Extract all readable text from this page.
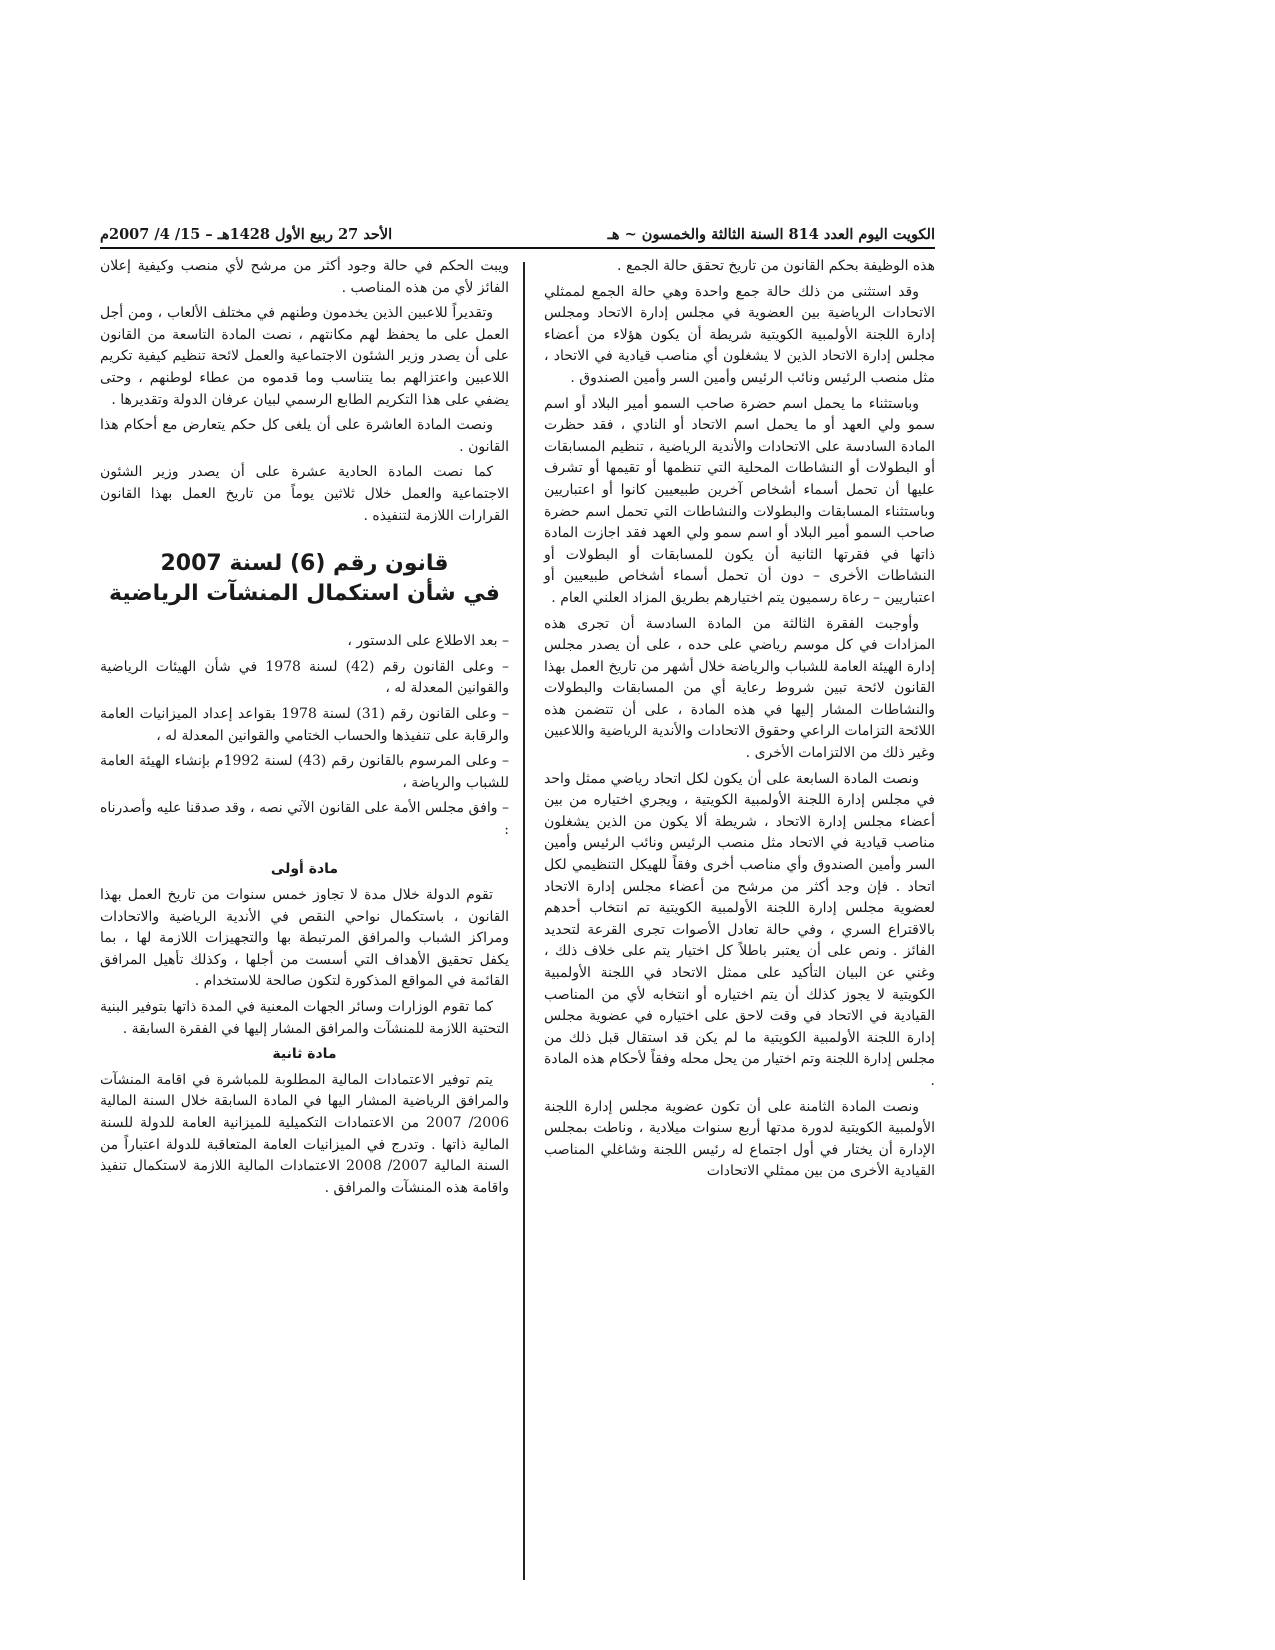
الكويت اليوم العدد 814 السنة الثالثة والخمسون ~ هـ
الأحد 27 ربيع الأول 1428هـ – 15/ 4/ 2007م

هذه الوظيفة بحكم القانون من تاريخ تحقق حالة الجمع .

وقد استثنى من ذلك حالة جمع واحدة وهي حالة الجمع لممثلي الاتحادات الرياضية بين العضوية في مجلس إدارة الاتحاد ومجلس إدارة اللجنة الأولمبية الكويتية شريطة أن يكون هؤلاء من أعضاء مجلس إدارة الاتحاد الذين لا يشغلون أي مناصب قيادية في الاتحاد ، مثل منصب الرئيس ونائب الرئيس وأمين السر وأمين الصندوق .

وباستثناء ما يحمل اسم حضرة صاحب السمو أمير البلاد أو اسم سمو ولي العهد أو ما يحمل اسم الاتحاد أو النادي ، فقد حظرت المادة السادسة على الاتحادات والأندية الرياضية ، تنظيم المسابقات أو البطولات أو النشاطات المحلية التي تنظمها أو تقيمها أو تشرف عليها أن تحمل أسماء أشخاص آخرين طبيعيين كانوا أو اعتباريين وباستثناء المسابقات والبطولات والنشاطات التي تحمل اسم حضرة صاحب السمو أمير البلاد أو اسم سمو ولي العهد فقد اجازت المادة ذاتها في فقرتها الثانية أن يكون للمسابقات أو البطولات أو النشاطات الأخرى – دون أن تحمل أسماء أشخاص طبيعيين أو اعتباريين – رعاة رسميون يتم اختيارهم بطريق المزاد العلني العام .

وأوجبت الفقرة الثالثة من المادة السادسة أن تجرى هذه المزادات في كل موسم رياضي على حده ، على أن يصدر مجلس إدارة الهيئة العامة للشباب والرياضة خلال أشهر من تاريخ العمل بهذا القانون لائحة تبين شروط رعاية أي من المسابقات والبطولات والنشاطات المشار إليها في هذه المادة ، على أن تتضمن هذه اللائحة التزامات الراعي وحقوق الاتحادات والأندية الرياضية واللاعبين وغير ذلك من الالتزامات الأخرى .

ونصت المادة السابعة على أن يكون لكل اتحاد رياضي ممثل واحد في مجلس إدارة اللجنة الأولمبية الكويتية ، ويجري اختياره من بين أعضاء مجلس إدارة الاتحاد ، شريطة ألا يكون من الذين يشغلون مناصب قيادية في الاتحاد مثل منصب الرئيس ونائب الرئيس وأمين السر وأمين الصندوق وأي مناصب أخرى وفقاً للهيكل التنظيمي لكل اتحاد . فإن وجد أكثر من مرشح من أعضاء مجلس إدارة الاتحاد لعضوية مجلس إدارة اللجنة الأولمبية الكويتية تم انتخاب أحدهم بالاقتراع السري ، وفي حالة تعادل الأصوات تجرى القرعة لتحديد الفائز . ونص على أن يعتبر باطلاً كل اختيار يتم على خلاف ذلك ، وغني عن البيان التأكيد على ممثل الاتحاد في اللجنة الأولمبية الكويتية لا يجوز كذلك أن يتم اختياره أو انتخابه لأي من المناصب القيادية في الاتحاد في وقت لاحق على اختياره في عضوية مجلس إدارة اللجنة الأولمبية الكويتية ما لم يكن قد استقال قبل ذلك من مجلس إدارة اللجنة وتم اختيار من يحل محله وفقاً لأحكام هذه المادة .

ونصت المادة الثامنة على أن تكون عضوية مجلس إدارة اللجنة الأولمبية الكويتية لدورة مدتها أربع سنوات ميلادية ، وناطت بمجلس الإدارة أن يختار في أول اجتماع له رئيس اللجنة وشاغلي المناصب القيادية الأخرى من بين ممثلي الاتحادات

ويبت الحكم في حالة وجود أكثر من مرشح لأي منصب وكيفية إعلان الفائز لأي من هذه المناصب .

وتقديراً للاعبين الذين يخدمون وطنهم في مختلف الألعاب ، ومن أجل العمل على ما يحفظ لهم مكانتهم ، نصت المادة التاسعة من القانون على أن يصدر وزير الشئون الاجتماعية والعمل لائحة تنظيم كيفية تكريم اللاعبين واعتزالهم بما يتناسب وما قدموه من عطاء لوطنهم ، وحتى يضفي على هذا التكريم الطابع الرسمي لبيان عرفان الدولة وتقديرها .

ونصت المادة العاشرة على أن يلغى كل حكم يتعارض مع أحكام هذا القانون .

كما نصت المادة الحادية عشرة على أن يصدر وزير الشئون الاجتماعية والعمل خلال ثلاثين يوماً من تاريخ العمل بهذا القانون القرارات اللازمة لتنفيذه .

قانون رقم (6) لسنة 2007
في شأن استكمال المنشآت الرياضية

– بعد الاطلاع على الدستور ،

– وعلى القانون رقم (42) لسنة 1978 في شأن الهيئات الرياضية والقوانين المعدلة له ،

– وعلى القانون رقم (31) لسنة 1978 بقواعد إعداد الميزانيات العامة والرقابة على تنفيذها والحساب الختامي والقوانين المعدلة له ،

– وعلى المرسوم بالقانون رقم (43) لسنة 1992م بإنشاء الهيئة العامة للشباب والرياضة ،

– وافق مجلس الأمة على القانون الآتي نصه ، وقد صدقنا عليه وأصدرناه :

مادة أولى

تقوم الدولة خلال مدة لا تجاوز خمس سنوات من تاريخ العمل بهذا القانون ، باستكمال نواحي النقص في الأندية الرياضية والاتحادات ومراكز الشباب والمرافق المرتبطة بها والتجهيزات اللازمة لها ، بما يكفل تحقيق الأهداف التي أسست من أجلها ، وكذلك تأهيل المرافق القائمة في المواقع المذكورة لتكون صالحة للاستخدام .

كما تقوم الوزارات وسائر الجهات المعنية في المدة ذاتها بتوفير البنية التحتية اللازمة للمنشآت والمرافق المشار إليها في الفقرة السابقة .

مادة ثانية

يتم توفير الاعتمادات المالية المطلوبة للمباشرة في اقامة المنشآت والمرافق الرياضية المشار اليها في المادة السابقة خلال السنة المالية 2006/ 2007 من الاعتمادات التكميلية للميزانية العامة للدولة للسنة المالية ذاتها . وتدرج في الميزانيات العامة المتعاقبة للدولة اعتباراً من السنة المالية 2007/ 2008 الاعتمادات المالية اللازمة لاستكمال تنفيذ واقامة هذه المنشآت والمرافق .
